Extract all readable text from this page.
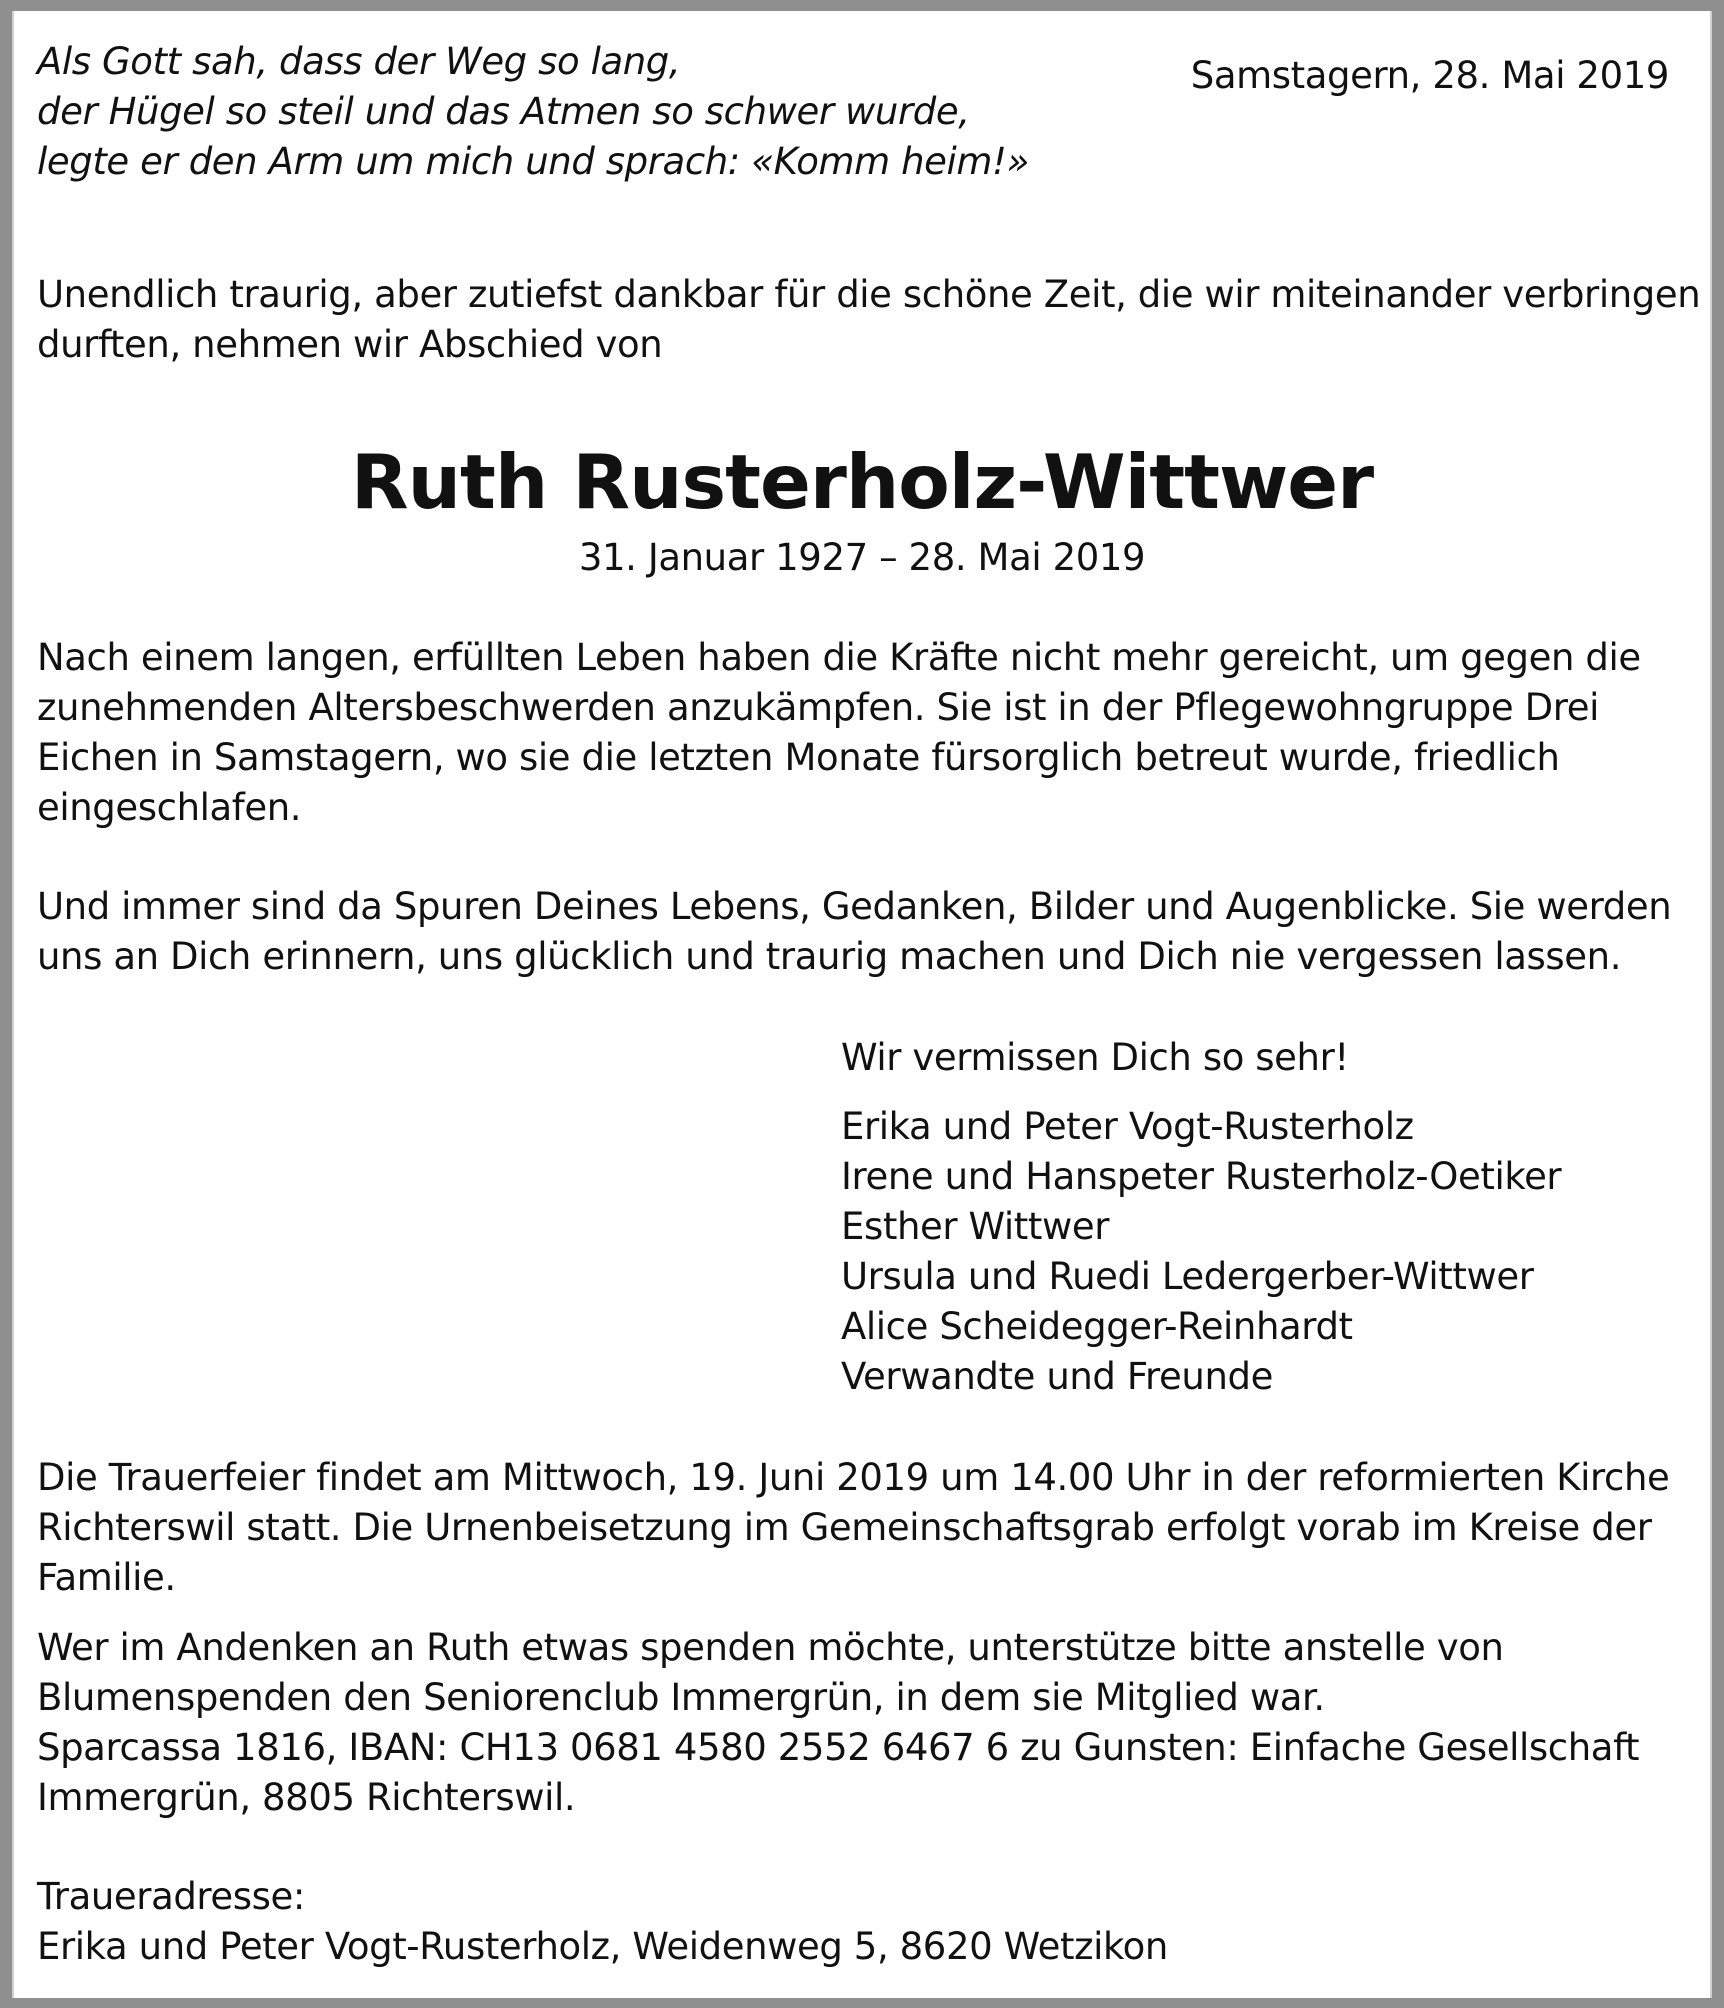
Als Gott sah, dass der Weg so lang,

der Hügel so steil und das Atmen so schwer wurde,

legte er den Arm um mich und sprach: «Komm heim!»

Samstagern, 28. Mai 2019

Unendlich traurig, aber zutiefst dankbar für die schöne Zeit, die wir miteinander verbringen

durften, nehmen wir Abschied von

Ruth Rusterholz-Wittwer

31. Januar 1927 – 28. Mai 2019

Nach einem langen, erfüllten Leben haben die Kräfte nicht mehr gereicht, um gegen die

zunehmenden Altersbeschwerden anzukämpfen. Sie ist in der Pflegewohngruppe Drei

Eichen in Samstagern, wo sie die letzten Monate fürsorglich betreut wurde, friedlich

eingeschlafen.

Und immer sind da Spuren Deines Lebens, Gedanken, Bilder und Augenblicke. Sie werden

uns an Dich erinnern, uns glücklich und traurig machen und Dich nie vergessen lassen.

Wir vermissen Dich so sehr!

Erika und Peter Vogt-Rusterholz

Irene und Hanspeter Rusterholz-Oetiker

Esther Wittwer

Ursula und Ruedi Ledergerber-Wittwer

Alice Scheidegger-Reinhardt

Verwandte und Freunde

Die Trauerfeier findet am Mittwoch, 19. Juni 2019 um 14.00 Uhr in der reformierten Kirche

Richterswil statt. Die Urnenbeisetzung im Gemeinschaftsgrab erfolgt vorab im Kreise der

Familie.

Wer im Andenken an Ruth etwas spenden möchte, unterstütze bitte anstelle von

Blumenspenden den Seniorenclub Immergrün, in dem sie Mitglied war.

Sparcassa 1816, IBAN: CH13 0681 4580 2552 6467 6 zu Gunsten: Einfache Gesellschaft

Immergrün, 8805 Richterswil.

Traueradresse:

Erika und Peter Vogt-Rusterholz, Weidenweg 5, 8620 Wetzikon
